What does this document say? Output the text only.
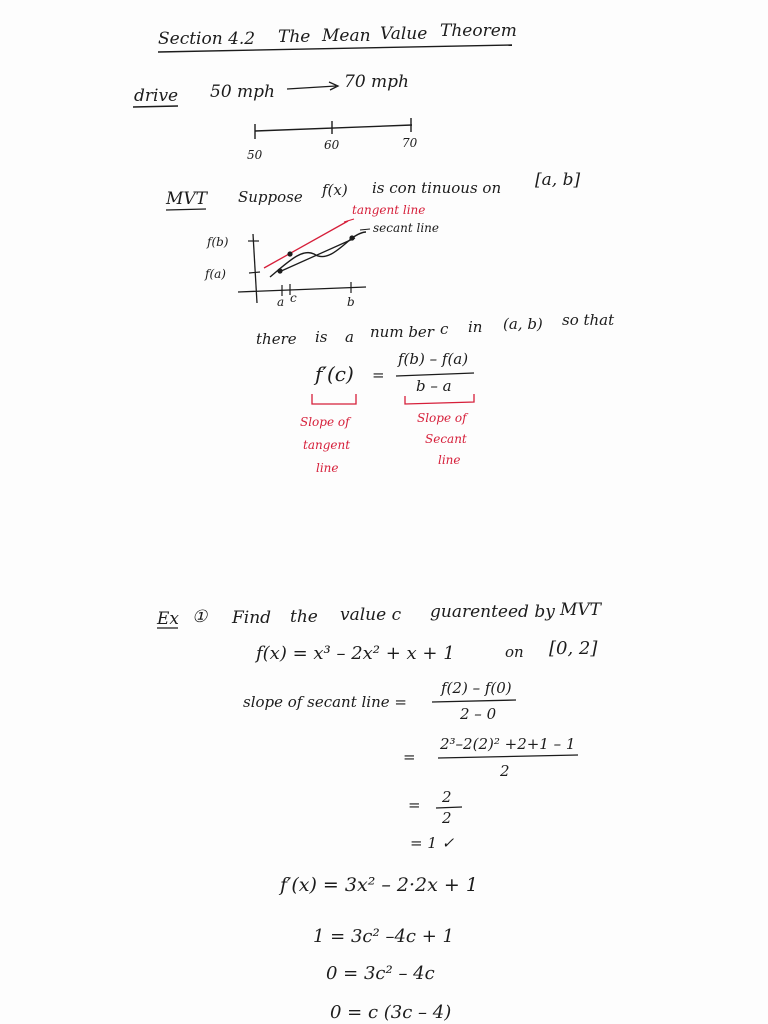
Section 4.2 The Mean Value Theorem
drive 50 mph	70 mph
50
60	70
MVT Suppose f(x) is con tinuous on [a, b]
tangent line
secant line
f(b)
f(a)
a c	b
there is a num ber c in (a, b) so that
f′(c) =
f(b) – f(a)
b – a
Slope of
tangent
line
Slope of
Secant
line
Ex ① Find the value c guarenteed by MVT
f(x) = x³ – 2x² + x + 1	on [0, 2]
slope of secant line =
f(2) – f(0)
2 – 0
=
2³–2(2)² +2+1 – 1
2
= 2
2
= 1 ✓
f′(x) = 3x² – 2·2x + 1
1 = 3c² –4c + 1
0 = 3c² – 4c
0 = c (3c – 4)
